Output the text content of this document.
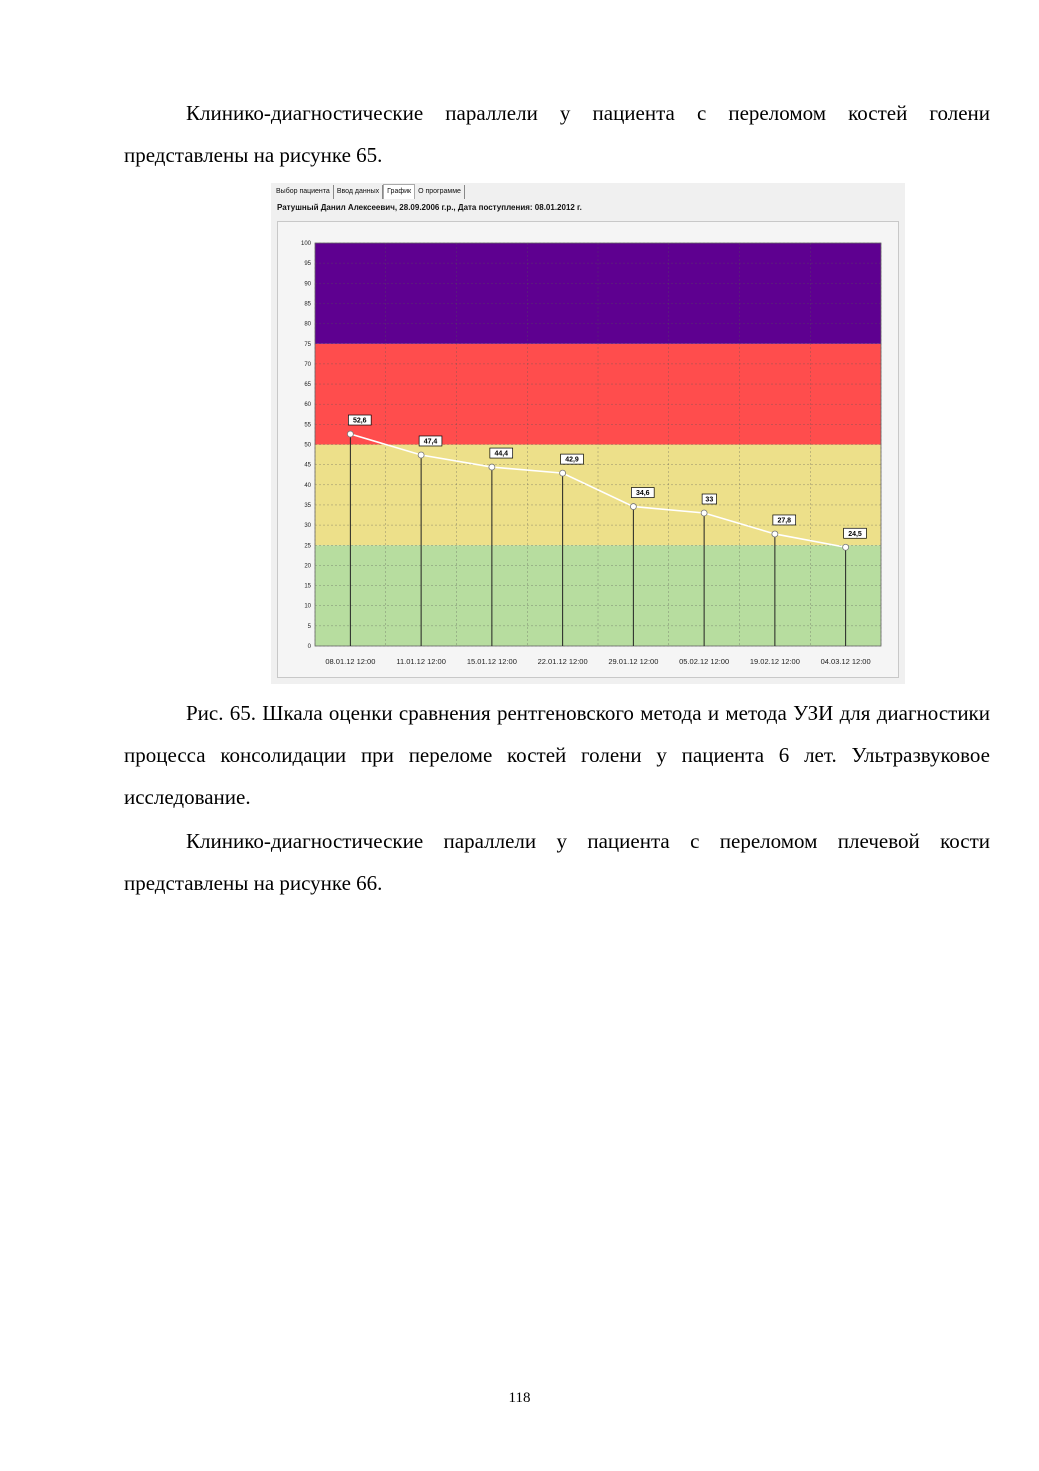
Клинико-диагностические параллели у пациента с переломом костей голени представлены на рисунке 65.

Выбор пациента	Ввод данных	График	О программе
Ратушный Данил Алексеевич, 28.09.2006 г.р., Дата поступления: 08.01.2012 г.
0
5
10
15
20
25
30
35
40
45
50
55
60
65
70
75
80
85
90
95
100
52,6
47,4
44,4
42,9
34,6
33
27,8
24,5
08.01.12 12:00	11.01.12 12:00	15.01.12 12:00	22.01.12 12:00	29.01.12 12:00	05.02.12 12:00	19.02.12 12:00	04.03.12 12:00

Рис. 65. Шкала оценки сравнения рентгеновского метода и метода УЗИ для диагностики процесса консолидации при переломе костей голени у пациента 6 лет. Ультразвуковое исследование.

Клинико-диагностические параллели у пациента с переломом плечевой кости представлены на рисунке 66.

118
